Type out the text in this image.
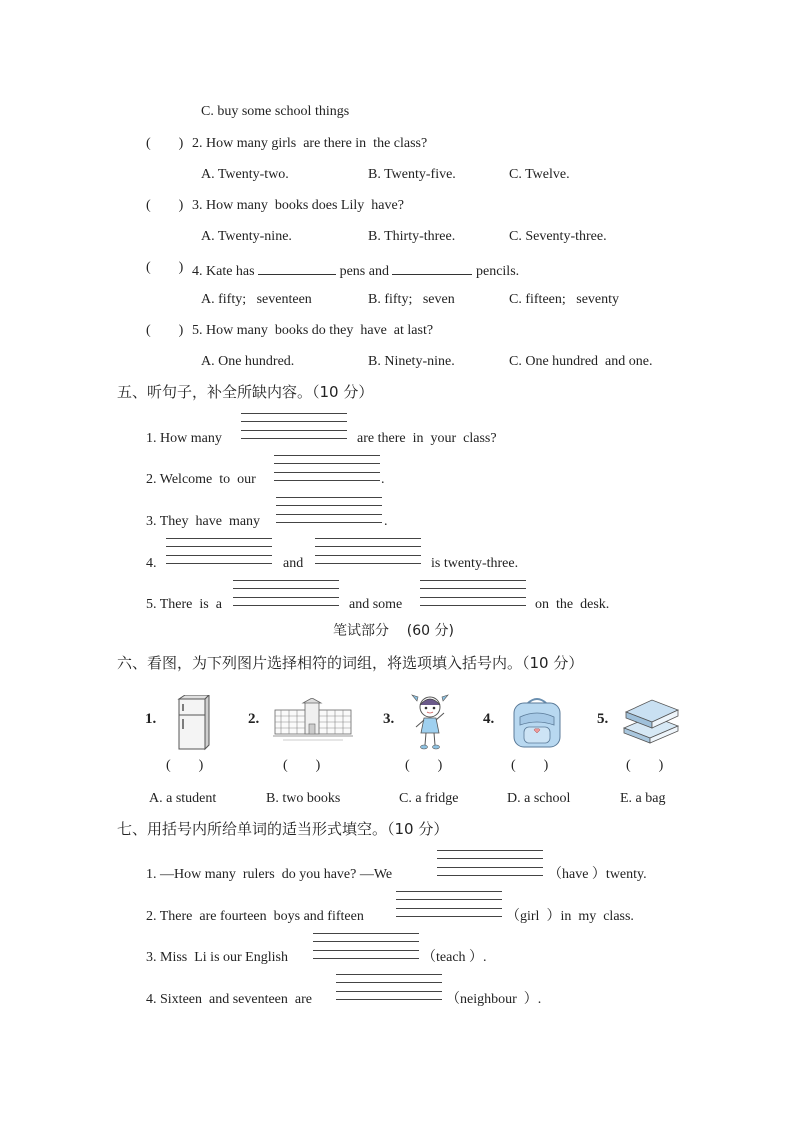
C. buy some school things
(        ) 2. How many girls  are there in  the class?
A. Twenty-two.	B. Twenty-five.	C. Twelve.
(        ) 3. How many  books does Lily  have?
A. Twenty-nine.	B. Thirty-three.	C. Seventy-three.
(        ) 4. Kate has	pens and	pencils.
A. fifty;   seventeen	B. fifty;   seven	C. fifteen;   seventy
(        ) 5. How many  books do they  have  at last?
A. One hundred.	B. Ninety-nine.	C. One hundred  and one.
五、听句子，补全所缺内容。（10 分）
1. How many	are there  in  your  class?
2. Welcome  to  our	.
3. They  have  many	.
4.	and	is twenty-three.
5. There  is  a	and some	on  the  desk.
笔试部分    (60 分)
六、看图，为下列图片选择相符的词组，将选项填入括号内。（10 分）
1.	2.	3.	4.	5.
(        )	(        )	(        )	(        )	(        )
A. a student	B. two books	C. a fridge	D. a school	E. a bag
七、用括号内所给单词的适当形式填空。（10 分）
1. —How many  rulers  do you have? —We	（have ）twenty.
2. There  are fourteen  boys and fifteen	（girl  ）in  my  class.
3. Miss  Li is our English	（teach ）.
4. Sixteen  and seventeen  are	（neighbour  ）.
